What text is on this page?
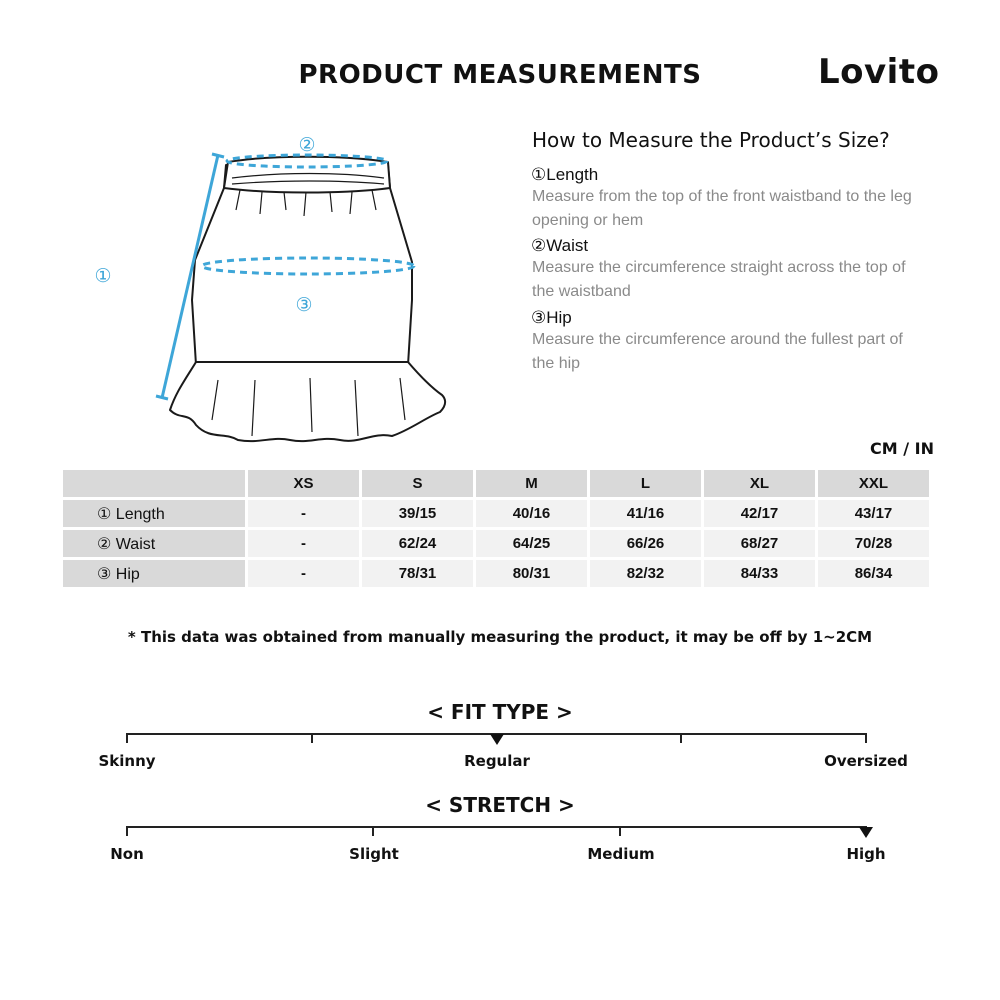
PRODUCT MEASUREMENTS	Lovito
①
②
③
How to Measure the Product’s Size?
①Length
Measure from the top of the front waistband to the leg opening or hem
②Waist
Measure the circumference straight across the top of the waistband
③Hip
Measure the circumference around the fullest part of the hip
CM / IN
	XS	S	M	L	XL	XXL
① Length	-	39/15	40/16	41/16	42/17	43/17
② Waist	-	62/24	64/25	66/26	68/27	70/28
③ Hip	-	78/31	80/31	82/32	84/33	86/34
* This data was obtained from manually measuring the product, it may be off by 1~2CM
< FIT TYPE >
Skinny	Regular	Oversized
< STRETCH >
Non	Slight	Medium	High
